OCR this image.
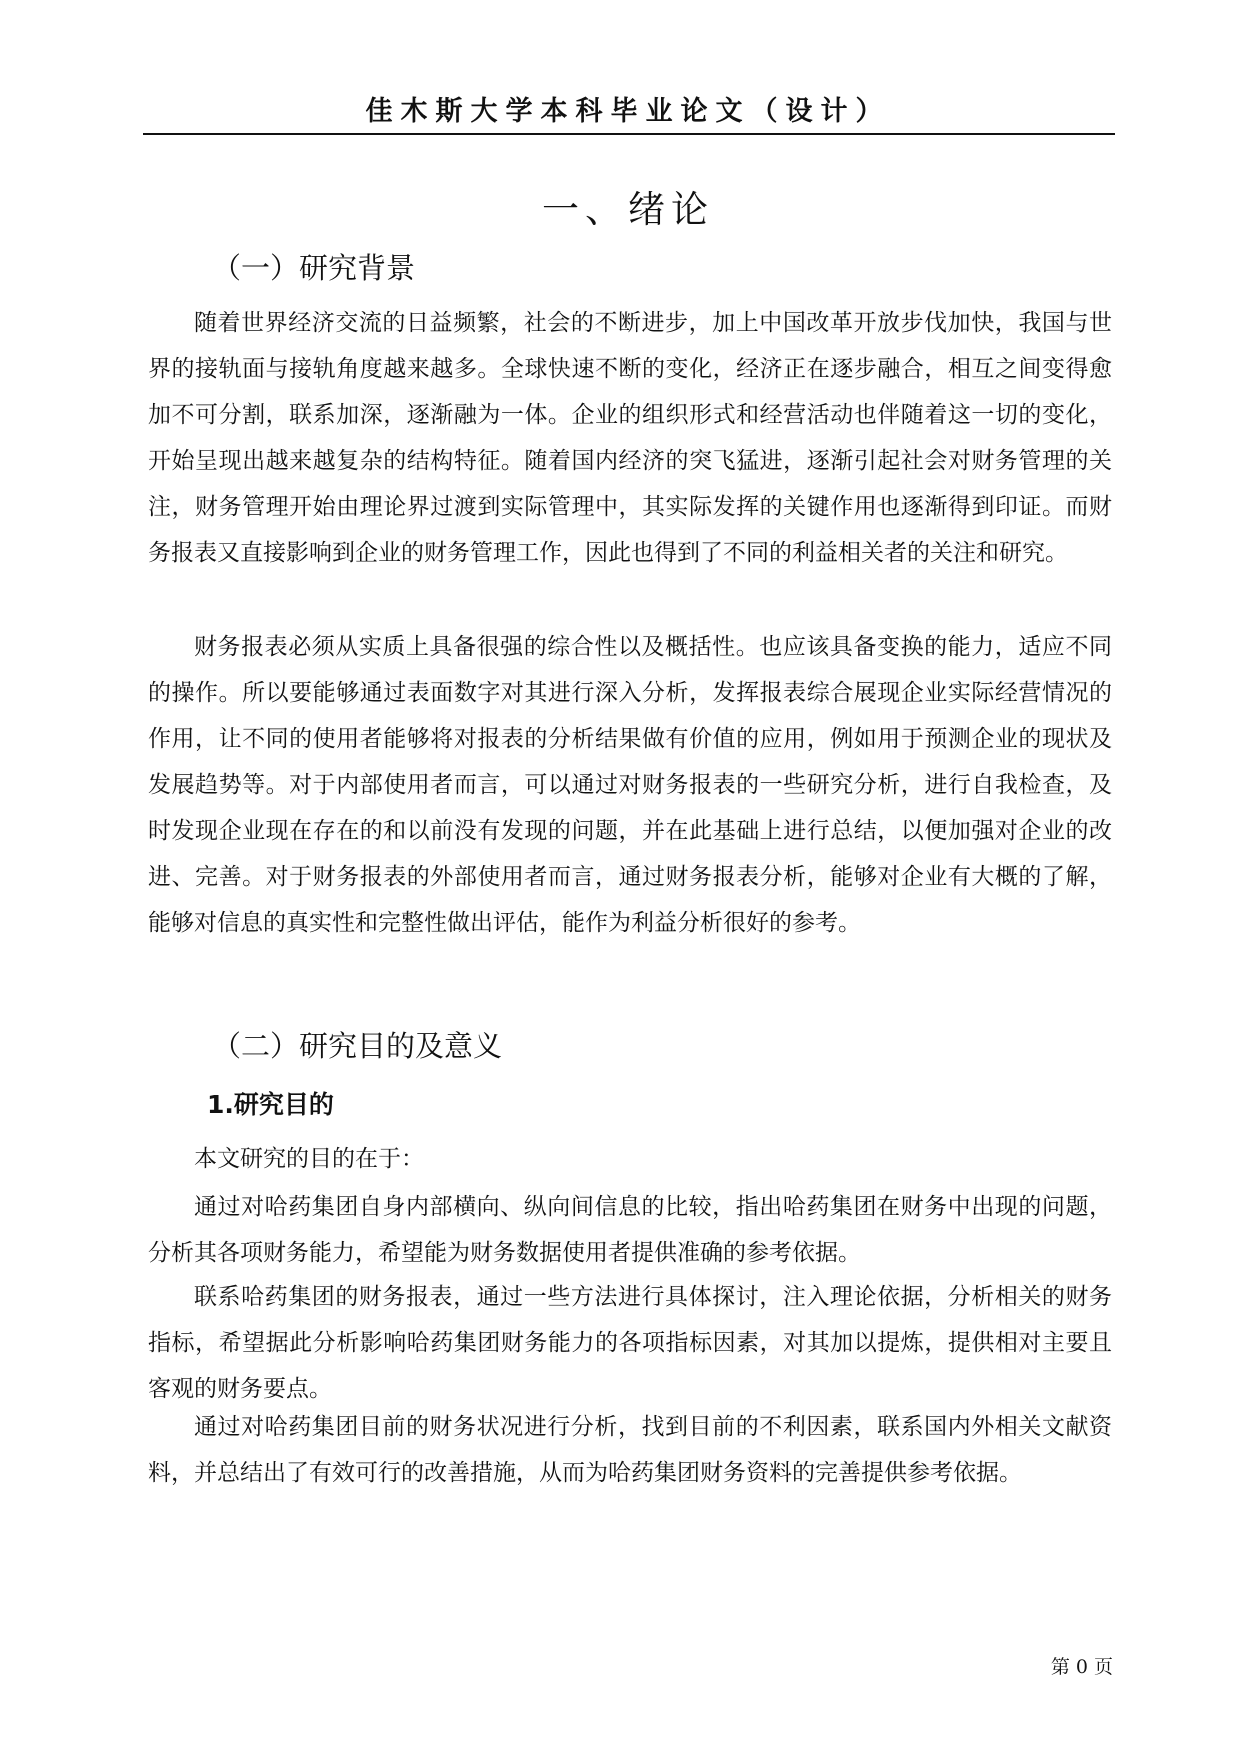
佳木斯大学本科毕业论文（设计）
一、绪论
（一）研究背景

随着世界经济交流的日益频繁，社会的不断进步，加上中国改革开放步伐加快，我国与世界的接轨面与接轨角度越来越多。全球快速不断的变化，经济正在逐步融合，相互之间变得愈加不可分割，联系加深，逐渐融为一体。企业的组织形式和经营活动也伴随着这一切的变化，开始呈现出越来越复杂的结构特征。随着国内经济的突飞猛进，逐渐引起社会对财务管理的关注，财务管理开始由理论界过渡到实际管理中，其实际发挥的关键作用也逐渐得到印证。而财务报表又直接影响到企业的财务管理工作，因此也得到了不同的利益相关者的关注和研究。

财务报表必须从实质上具备很强的综合性以及概括性。也应该具备变换的能力，适应不同的操作。所以要能够通过表面数字对其进行深入分析，发挥报表综合展现企业实际经营情况的作用，让不同的使用者能够将对报表的分析结果做有价值的应用，例如用于预测企业的现状及发展趋势等。对于内部使用者而言，可以通过对财务报表的一些研究分析，进行自我检查，及时发现企业现在存在的和以前没有发现的问题，并在此基础上进行总结，以便加强对企业的改进、完善。对于财务报表的外部使用者而言，通过财务报表分析，能够对企业有大概的了解，能够对信息的真实性和完整性做出评估，能作为利益分析很好的参考。

（二）研究目的及意义
1.研究目的

本文研究的目的在于：

通过对哈药集团自身内部横向、纵向间信息的比较，指出哈药集团在财务中出现的问题，分析其各项财务能力，希望能为财务数据使用者提供准确的参考依据。

联系哈药集团的财务报表，通过一些方法进行具体探讨，注入理论依据，分析相关的财务指标，希望据此分析影响哈药集团财务能力的各项指标因素，对其加以提炼，提供相对主要且客观的财务要点。

通过对哈药集团目前的财务状况进行分析，找到目前的不利因素，联系国内外相关文献资料，并总结出了有效可行的改善措施，从而为哈药集团财务资料的完善提供参考依据。

第 0 页
